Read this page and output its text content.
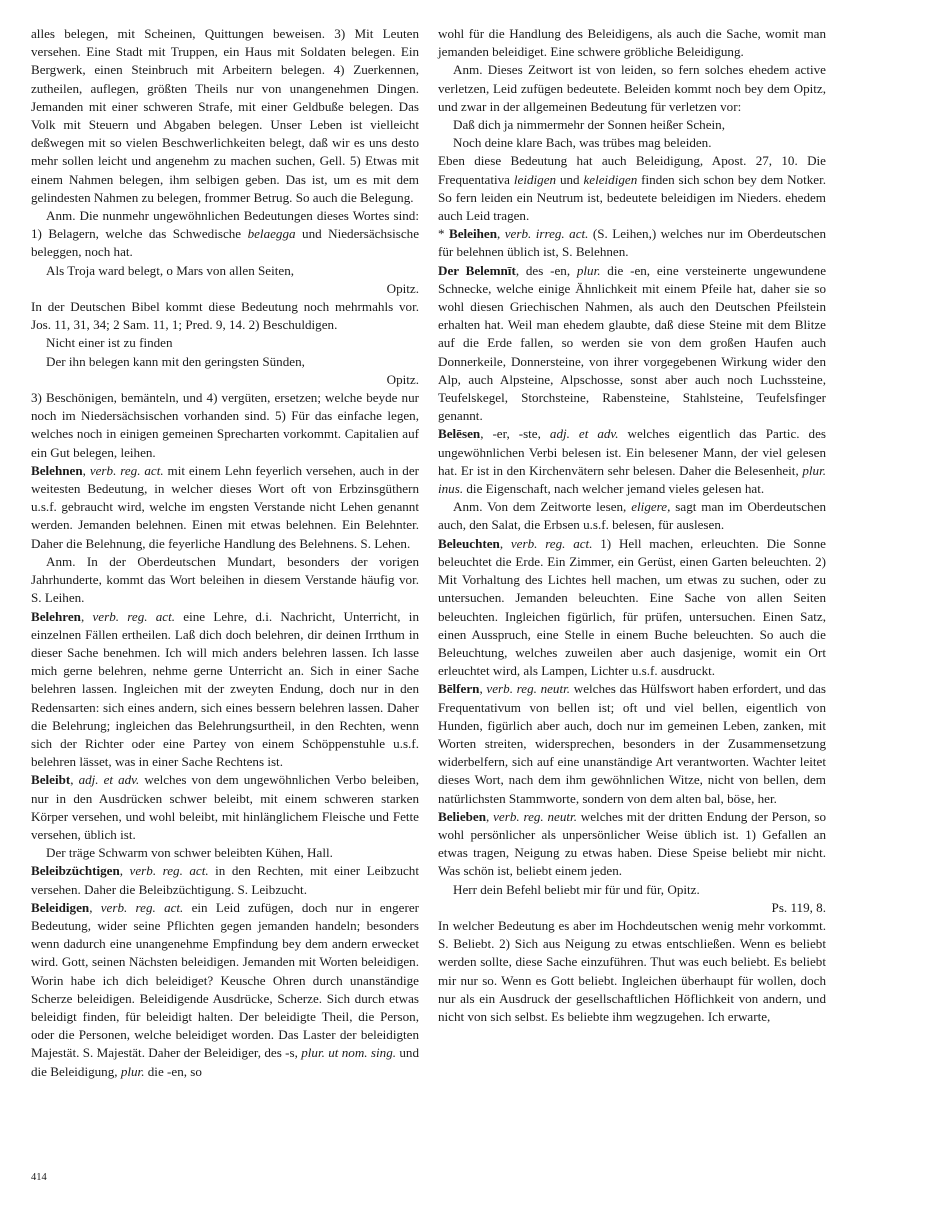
alles belegen, mit Scheinen, Quittungen beweisen. 3) Mit Leuten versehen. Eine Stadt mit Truppen, ein Haus mit Soldaten belegen. Ein Bergwerk, einen Steinbruch mit Arbeitern belegen. 4) Zuerkennen, zutheilen, auflegen, größten Theils nur von unangenehmen Dingen. Jemanden mit einer schweren Strafe, mit einer Geldbuße belegen. Das Volk mit Steuern und Abgaben belegen. Unser Leben ist vielleicht deßwegen mit so vielen Beschwerlichkeiten belegt, daß wir es uns desto mehr sollen leicht und angenehm zu machen suchen, Gell. 5) Etwas mit einem Nahmen belegen, ihm selbigen geben. Das ist, um es mit dem gelindesten Nahmen zu belegen, frommer Betrug. So auch die Belegung.

Anm. Die nunmehr ungewöhnlichen Bedeutungen dieses Wortes sind: 1) Belagern, welche das Schwedische belaegga und Niedersächsische beleggen, noch hat.

Als Troja ward belegt, o Mars von allen Seiten,

Opitz.

In der Deutschen Bibel kommt diese Bedeutung noch mehrmahls vor. Jos. 11, 31, 34; 2 Sam. 11, 1; Pred. 9, 14. 2) Beschuldigen.

Nicht einer ist zu finden
Der ihn belegen kann mit den geringsten Sünden,

Opitz.

3) Beschönigen, bemänteln, und 4) vergüten, ersetzen; welche beyde nur noch im Niedersächsischen vorhanden sind. 5) Für das einfache legen, welches noch in einigen gemeinen Sprecharten vorkommt. Capitalien auf ein Gut belegen, leihen.

Belehnen, verb. reg. act. mit einem Lehn feyerlich versehen, auch in der weitesten Bedeutung, in welcher dieses Wort oft von Erbzinsgüthern u.s.f. gebraucht wird, welche im engsten Verstande nicht Lehen genannt werden. Jemanden belehnen. Einen mit etwas belehnen. Ein Belehnter. Daher die Belehnung, die feyerliche Handlung des Belehnens. S. Lehen.

Anm. In der Oberdeutschen Mundart, besonders der vorigen Jahrhunderte, kommt das Wort beleihen in diesem Verstande häufig vor. S. Leihen.

Belehren, verb. reg. act. eine Lehre, d.i. Nachricht, Unterricht, in einzelnen Fällen ertheilen. Laß dich doch belehren, dir deinen Irrthum in dieser Sache benehmen. Ich will mich anders belehren lassen. Ich lasse mich gerne belehren, nehme gerne Unterricht an. Sich in einer Sache belehren lassen. Ingleichen mit der zweyten Endung, doch nur in den Redensarten: sich eines andern, sich eines bessern belehren lassen. Daher die Belehrung; ingleichen das Belehrungsurtheil, in den Rechten, wenn sich der Richter oder eine Partey von einem Schöppenstuhle u.s.f. belehren lässet, was in einer Sache Rechtens ist.

Beleibt, adj. et adv. welches von dem ungewöhnlichen Verbo beleiben, nur in den Ausdrücken schwer beleibt, mit einem schweren starken Körper versehen, und wohl beleibt, mit hinlänglichem Fleische und Fette versehen, üblich ist.

Der träge Schwarm von schwer beleibten Kühen, Hall.

Beleibzüchtigen, verb. reg. act. in den Rechten, mit einer Leibzucht versehen. Daher die Beleibzüchtigung. S. Leibzucht.

Beleidigen, verb. reg. act. ein Leid zufügen, doch nur in engerer Bedeutung, wider seine Pflichten gegen jemanden handeln; besonders wenn dadurch eine unangenehme Empfindung bey dem andern erwecket wird. Gott, seinen Nächsten beleidigen. Jemanden mit Worten beleidigen. Worin habe ich dich beleidiget? Keusche Ohren durch unanständige Scherze beleidigen. Beleidigende Ausdrücke, Scherze. Sich durch etwas beleidigt finden, für beleidigt halten. Der beleidigte Theil, die Person, oder die Personen, welche beleidiget worden. Das Laster der beleidigten Majestät. S. Majestät. Daher der Beleidiger, des -s, plur. ut nom. sing. und die Beleidigung, plur. die -en, so

wohl für die Handlung des Beleidigens, als auch die Sache, womit man jemanden beleidiget. Eine schwere gröbliche Beleidigung.

Anm. Dieses Zeitwort ist von leiden, so fern solches ehedem active verletzen, Leid zufügen bedeutete. Beleiden kommt noch bey dem Opitz, und zwar in der allgemeinen Bedeutung für verletzen vor:

Daß dich ja nimmermehr der Sonnen heißer Schein,
Noch deine klare Bach, was trübes mag beleiden.

Eben diese Bedeutung hat auch Beleidigung, Apost. 27, 10. Die Frequentativa leidigen und keleidigen finden sich schon bey dem Notker. So fern leiden ein Neutrum ist, bedeutete beleidigen im Nieders. ehedem auch Leid tragen.

* Beleihen, verb. irreg. act. (S. Leihen,) welches nur im Oberdeutschen für belehnen üblich ist, S. Belehnen.

Der Belemnīt, des -en, plur. die -en, eine versteinerte ungewundene Schnecke, welche einige Ähnlichkeit mit einem Pfeile hat, daher sie so wohl diesen Griechischen Nahmen, als auch den Deutschen Pfeilstein erhalten hat. Weil man ehedem glaubte, daß diese Steine mit dem Blitze auf die Erde fallen, so werden sie von dem großen Haufen auch Donnerkeile, Donnersteine, von ihrer vorgegebenen Wirkung wider den Alp, auch Alpsteine, Alpschosse, sonst aber auch noch Luchssteine, Teufelskegel, Storchsteine, Rabensteine, Stahlsteine, Teufelsfinger genannt.

Belēsen, -er, -ste, adj. et adv. welches eigentlich das Partic. des ungewöhnlichen Verbi belesen ist. Ein belesener Mann, der viel gelesen hat. Er ist in den Kirchenvätern sehr belesen. Daher die Belesenheit, plur. inus. die Eigenschaft, nach welcher jemand vieles gelesen hat.

Anm. Von dem Zeitworte lesen, eligere, sagt man im Oberdeutschen auch, den Salat, die Erbsen u.s.f. belesen, für auslesen.

Beleuchten, verb. reg. act. 1) Hell machen, erleuchten. Die Sonne beleuchtet die Erde. Ein Zimmer, ein Gerüst, einen Garten beleuchten. 2) Mit Vorhaltung des Lichtes hell machen, um etwas zu suchen, oder zu untersuchen. Jemanden beleuchten. Eine Sache von allen Seiten beleuchten. Ingleichen figürlich, für prüfen, untersuchen. Einen Satz, einen Ausspruch, eine Stelle in einem Buche beleuchten. So auch die Beleuchtung, welches zuweilen aber auch dasjenige, womit ein Ort erleuchtet wird, als Lampen, Lichter u.s.f. ausdruckt.

Bēlfern, verb. reg. neutr. welches das Hülfswort haben erfordert, und das Frequentativum von bellen ist; oft und viel bellen, eigentlich von Hunden, figürlich aber auch, doch nur im gemeinen Leben, zanken, mit Worten streiten, widersprechen, besonders in der Zusammensetzung widerbelfern, sich auf eine unanständige Art verantworten. Wachter leitet dieses Wort, nach dem ihm gewöhnlichen Witze, nicht von bellen, dem natürlichsten Stammworte, sondern von dem alten bal, böse, her.

Belieben, verb. reg. neutr. welches mit der dritten Endung der Person, so wohl persönlicher als unpersönlicher Weise üblich ist. 1) Gefallen an etwas tragen, Neigung zu etwas haben. Diese Speise beliebt mir nicht. Was schön ist, beliebt einem jeden.

Herr dein Befehl beliebt mir für und für, Opitz.

Ps. 119, 8.

In welcher Bedeutung es aber im Hochdeutschen wenig mehr vorkommt. S. Beliebt. 2) Sich aus Neigung zu etwas entschließen. Wenn es beliebt werden sollte, diese Sache einzuführen. Thut was euch beliebt. Es beliebt mir nur so. Wenn es Gott beliebt. Ingleichen überhaupt für wollen, doch nur als ein Ausdruck der gesellschaftlichen Höflichkeit von andern, und nicht von sich selbst. Es beliebte ihm wegzugehen. Ich erwarte,

414
